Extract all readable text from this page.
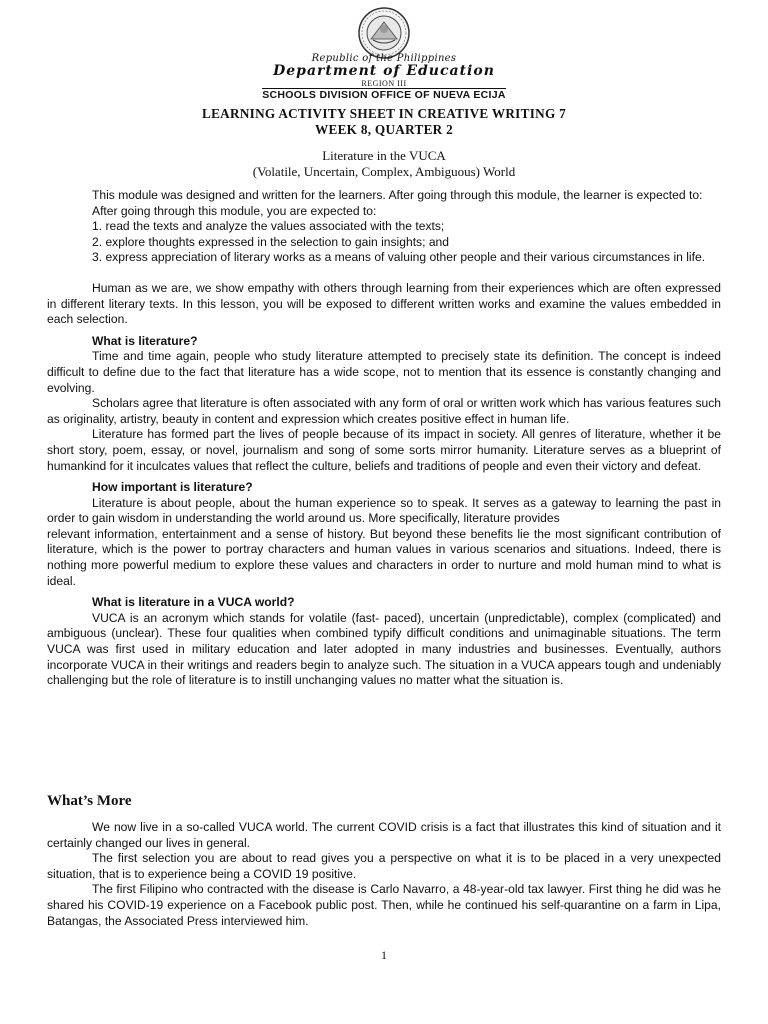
Republic of the Philippines
Department of Education
REGION III
SCHOOLS DIVISION OFFICE OF NUEVA ECIJA
LEARNING ACTIVITY SHEET IN CREATIVE WRITING 7
WEEK 8, QUARTER 2
Literature in the VUCA
(Volatile, Uncertain, Complex, Ambiguous) World

This module was designed and written for the learners. After going through this module, the learner is expected to:

After going through this module, you are expected to:

1. read the texts and analyze the values associated with the texts;

2. explore thoughts expressed in the selection to gain insights; and

3. express appreciation of literary works as a means of valuing other people and their various circumstances in life.

Human as we are, we show empathy with others through learning from their experiences which are often expressed in different literary texts. In this lesson, you will be exposed to different written works and examine the values embedded in each selection.

What is literature?

Time and time again, people who study literature attempted to precisely state its definition. The concept is indeed difficult to define due to the fact that literature has a wide scope, not to mention that its essence is constantly changing and evolving.

Scholars agree that literature is often associated with any form of oral or written work which has various features such as originality, artistry, beauty in content and expression which creates positive effect in human life.

Literature has formed part the lives of people because of its impact in society. All genres of literature, whether it be short story, poem, essay, or novel, journalism and song of some sorts mirror humanity. Literature serves as a blueprint of humankind for it inculcates values that reflect the culture, beliefs and traditions of people and even their victory and defeat.

How important is literature?

Literature is about people, about the human experience so to speak. It serves as a gateway to learning the past in order to gain wisdom in understanding the world around us. More specifically, literature provides

relevant information, entertainment and a sense of history. But beyond these benefits lie the most significant contribution of literature, which is the power to portray characters and human values in various scenarios and situations. Indeed, there is nothing more powerful medium to explore these values and characters in order to nurture and mold human mind to what is ideal.

What is literature in a VUCA world?

VUCA is an acronym which stands for volatile (fast- paced), uncertain (unpredictable), complex (complicated) and ambiguous (unclear). These four qualities when combined typify difficult conditions and unimaginable situations. The term VUCA was first used in military education and later adopted in many industries and businesses. Eventually, authors incorporate VUCA in their writings and readers begin to analyze such. The situation in a VUCA appears tough and undeniably challenging but the role of literature is to instill unchanging values no matter what the situation is.

What’s More

We now live in a so-called VUCA world. The current COVID crisis is a fact that illustrates this kind of situation and it certainly changed our lives in general.

The first selection you are about to read gives you a perspective on what it is to be placed in a very unexpected situation, that is to experience being a COVID 19 positive.

The first Filipino who contracted with the disease is Carlo Navarro, a 48-year-old tax lawyer. First thing he did was he shared his COVID-19 experience on a Facebook public post. Then, while he continued his self-quarantine on a farm in Lipa, Batangas, the Associated Press interviewed him.

1
